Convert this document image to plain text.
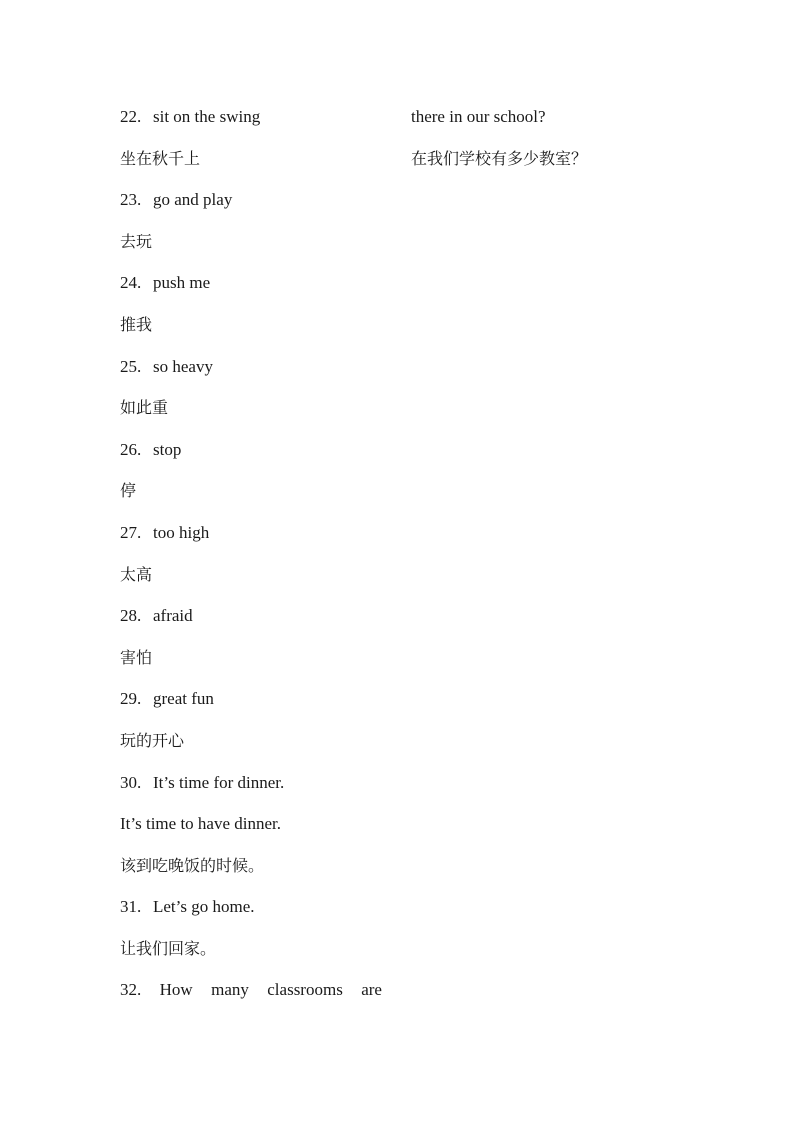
22. sit on the swing
坐在秋千上
23. go and play
去玩
24. push me
推我
25. so heavy
如此重
26. stop
停
27. too high
太高
28. afraid
害怕
29. great fun
玩的开心
30. It’s time for dinner.
It’s time to have dinner.
该到吃晚饭的时候。
31. Let’s go home.
让我们回家。
32. How many classrooms are
there in our school?
在我们学校有多少教室？
